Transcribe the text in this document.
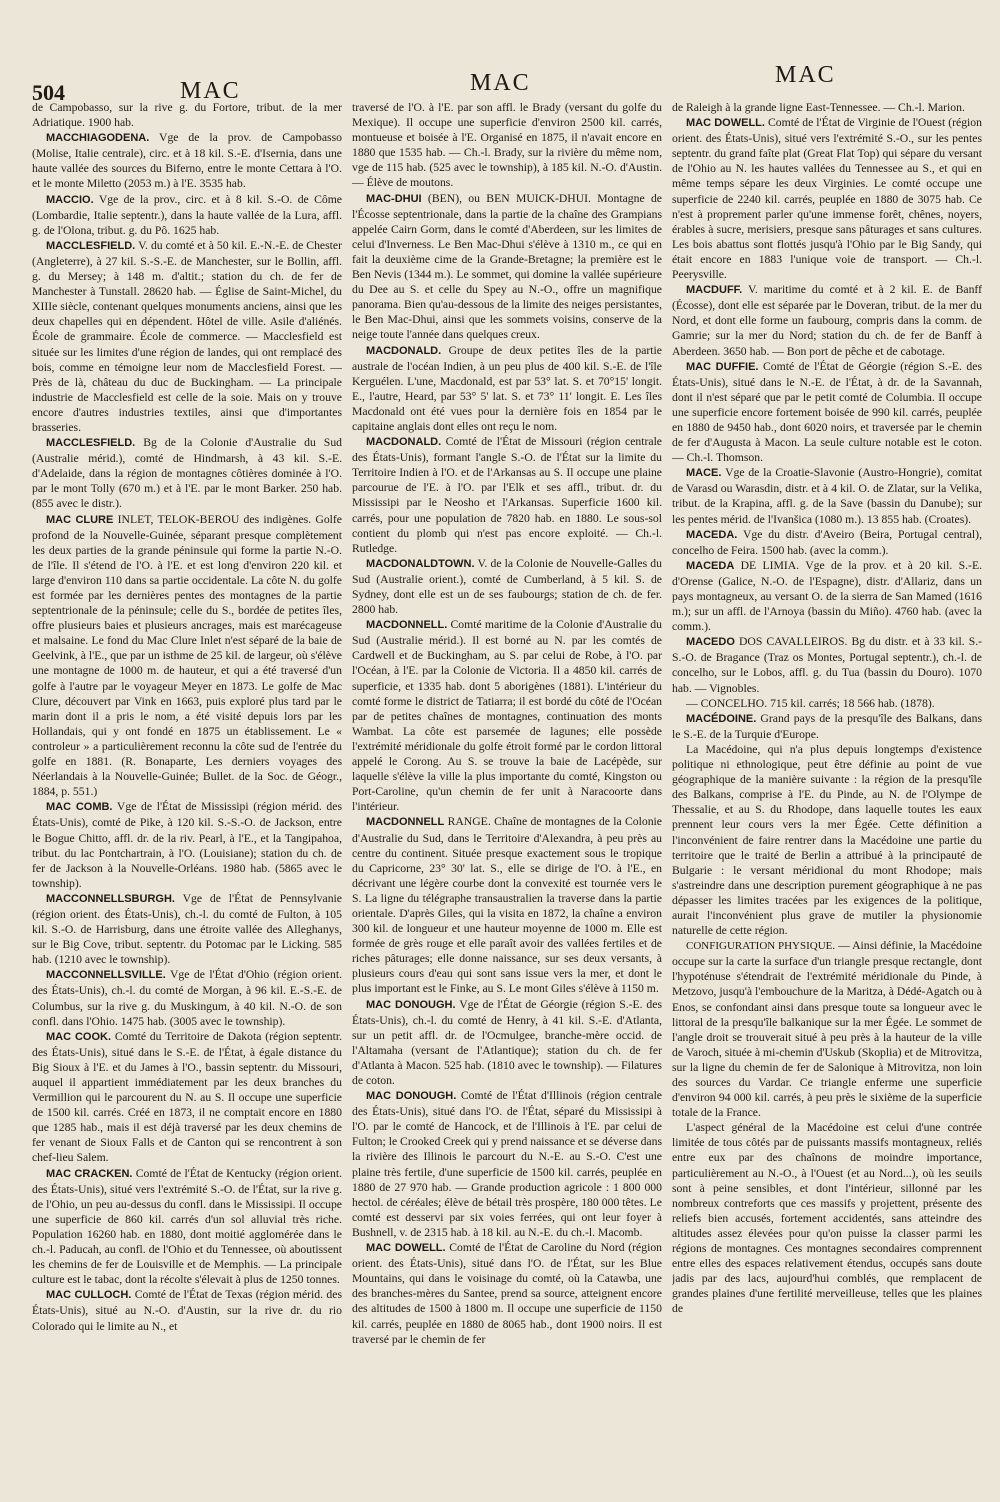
504	MAC	MAC	MAC

de Campobasso, sur la rive g. du Fortore, tribut. de la mer Adriatique. 1900 hab.

MACCHIAGODENA. Vge de la prov. de Campobasso (Molise, Italie centrale), circ. et à 18 kil. S.-E. d'Isernia, dans une haute vallée des sources du Biferno, entre le monte Cettara à l'O. et le monte Miletto (2053 m.) à l'E. 3535 hab.

MACCIO. Vge de la prov., circ. et à 8 kil. S.-O. de Côme (Lombardie, Italie septentr.), dans la haute vallée de la Lura, affl. g. de l'Olona, tribut. g. du Pô. 1625 hab.

MACCLESFIELD. V. du comté et à 50 kil. E.-N.-E. de Chester (Angleterre), à 27 kil. S.-S.-E. de Manchester, sur le Bollin, affl. g. du Mersey; à 148 m. d'altit.; station du ch. de fer de Manchester à Tunstall. 28620 hab. — Église de Saint-Michel, du XIIIe siècle, contenant quelques monuments anciens, ainsi que les deux chapelles qui en dépendent. Hôtel de ville. Asile d'aliénés. École de grammaire. École de commerce. — Macclesfield est située sur les limites d'une région de landes, qui ont remplacé des bois, comme en témoigne leur nom de Macclesfield Forest. — Près de là, château du duc de Buckingham. — La principale industrie de Macclesfield est celle de la soie. Mais on y trouve encore d'autres industries textiles, ainsi que d'importantes brasseries.

MACCLESFIELD. Bg de la Colonie d'Australie du Sud (Australie mérid.), comté de Hindmarsh, à 43 kil. S.-E. d'Adelaide, dans la région de montagnes côtières dominée à l'O. par le mont Tolly (670 m.) et à l'E. par le mont Barker. 250 hab. (855 avec le distr.).

MAC CLURE INLET, TELOK-BEROU des indigènes. Golfe profond de la Nouvelle-Guinée, séparant presque complètement les deux parties de la grande péninsule qui forme la partie N.-O. de l'île. Il s'étend de l'O. à l'E. et est long d'environ 220 kil. et large d'environ 110 dans sa partie occidentale. La côte N. du golfe est formée par les dernières pentes des montagnes de la partie septentrionale de la péninsule; celle du S., bordée de petites îles, offre plusieurs baies et plusieurs ancrages, mais est marécageuse et malsaine. Le fond du Mac Clure Inlet n'est séparé de la baie de Geelvink, à l'E., que par un isthme de 25 kil. de largeur, où s'élève une montagne de 1000 m. de hauteur, et qui a été traversé d'un golfe à l'autre par le voyageur Meyer en 1873. Le golfe de Mac Clure, découvert par Vink en 1663, puis exploré plus tard par le marin dont il a pris le nom, a été visité depuis lors par les Hollandais, qui y ont fondé en 1875 un établissement. Le « controleur » a particulièrement reconnu la côte sud de l'entrée du golfe en 1881. (R. Bonaparte, Les derniers voyages des Néerlandais à la Nouvelle-Guinée; Bullet. de la Soc. de Géogr., 1884, p. 551.)

MAC COMB. Vge de l'État de Mississipi (région mérid. des États-Unis), comté de Pike, à 120 kil. S.-S.-O. de Jackson, entre le Bogue Chitto, affl. dr. de la riv. Pearl, à l'E., et la Tangipahoa, tribut. du lac Pontchartrain, à l'O. (Louisiane); station du ch. de fer de Jackson à la Nouvelle-Orléans. 1980 hab. (5865 avec le township).

MACCONNELLSBURGH. Vge de l'État de Pennsylvanie (région orient. des États-Unis), ch.-l. du comté de Fulton, à 105 kil. S.-O. de Harrisburg, dans une étroite vallée des Alleghanys, sur le Big Cove, tribut. septentr. du Potomac par le Licking. 585 hab. (1210 avec le township).

MACCONNELLSVILLE. Vge de l'État d'Ohio (région orient. des États-Unis), ch.-l. du comté de Morgan, à 96 kil. E.-S.-E. de Columbus, sur la rive g. du Muskingum, à 40 kil. N.-O. de son confl. dans l'Ohio. 1475 hab. (3005 avec le township).

MAC COOK. Comté du Territoire de Dakota (région septentr. des États-Unis), situé dans le S.-E. de l'État, à égale distance du Big Sioux à l'E. et du James à l'O., bassin septentr. du Missouri, auquel il appartient immédiatement par les deux branches du Vermillion qui le parcourent du N. au S. Il occupe une superficie de 1500 kil. carrés. Créé en 1873, il ne comptait encore en 1880 que 1285 hab., mais il est déjà traversé par les deux chemins de fer venant de Sioux Falls et de Canton qui se rencontrent à son chef-lieu Salem.

MAC CRACKEN. Comté de l'État de Kentucky (région orient. des États-Unis), situé vers l'extrémité S.-O. de l'État, sur la rive g. de l'Ohio, un peu au-dessus du confl. dans le Mississipi. Il occupe une superficie de 860 kil. carrés d'un sol alluvial très riche. Population 16260 hab. en 1880, dont moitié agglomérée dans le ch.-l. Paducah, au confl. de l'Ohio et du Tennessee, où aboutissent les chemins de fer de Louisville et de Memphis. — La principale culture est le tabac, dont la récolte s'élevait à plus de 1250 tonnes.

MAC CULLOCH. Comté de l'État de Texas (région mérid. des États-Unis), situé au N.-O. d'Austin, sur la rive dr. du rio Colorado qui le limite au N., et

traversé de l'O. à l'E. par son affl. le Brady (versant du golfe du Mexique). Il occupe une superficie d'environ 2500 kil. carrés, montueuse et boisée à l'E. Organisé en 1875, il n'avait encore en 1880 que 1535 hab. — Ch.-l. Brady, sur la rivière du même nom, vge de 115 hab. (525 avec le township), à 185 kil. N.-O. d'Austin. — Élève de moutons.

MAC-DHUI (BEN), ou BEN MUICK-DHUI. Montagne de l'Écosse septentrionale, dans la partie de la chaîne des Grampians appelée Cairn Gorm, dans le comté d'Aberdeen, sur les limites de celui d'Inverness. Le Ben Mac-Dhui s'élève à 1310 m., ce qui en fait la deuxième cime de la Grande-Bretagne; la première est le Ben Nevis (1344 m.). Le sommet, qui domine la vallée supérieure du Dee au S. et celle du Spey au N.-O., offre un magnifique panorama. Bien qu'au-dessous de la limite des neiges persistantes, le Ben Mac-Dhui, ainsi que les sommets voisins, conserve de la neige toute l'année dans quelques creux.

MACDONALD. Groupe de deux petites îles de la partie australe de l'océan Indien, à un peu plus de 400 kil. S.-E. de l'île Kerguélen. L'une, Macdonald, est par 53° lat. S. et 70°15' longit. E., l'autre, Heard, par 53° 5' lat. S. et 73° 11' longit. E. Les îles Macdonald ont été vues pour la dernière fois en 1854 par le capitaine anglais dont elles ont reçu le nom.

MACDONALD. Comté de l'État de Missouri (région centrale des États-Unis), formant l'angle S.-O. de l'État sur la limite du Territoire Indien à l'O. et de l'Arkansas au S. Il occupe une plaine parcourue de l'E. à l'O. par l'Elk et ses affl., tribut. dr. du Mississipi par le Neosho et l'Arkansas. Superficie 1600 kil. carrés, pour une population de 7820 hab. en 1880. Le sous-sol contient du plomb qui n'est pas encore exploité. — Ch.-l. Rutledge.

MACDONALDTOWN. V. de la Colonie de Nouvelle-Galles du Sud (Australie orient.), comté de Cumberland, à 5 kil. S. de Sydney, dont elle est un de ses faubourgs; station de ch. de fer. 2800 hab.

MACDONNELL. Comté maritime de la Colonie d'Australie du Sud (Australie mérid.). Il est borné au N. par les comtés de Cardwell et de Buckingham, au S. par celui de Robe, à l'O. par l'Océan, à l'E. par la Colonie de Victoria. Il a 4850 kil. carrés de superficie, et 1335 hab. dont 5 aborigènes (1881). L'intérieur du comté forme le district de Tatiarra; il est bordé du côté de l'Océan par de petites chaînes de montagnes, continuation des monts Wambat. La côte est parsemée de lagunes; elle possède l'extrémité méridionale du golfe étroit formé par le cordon littoral appelé le Corong. Au S. se trouve la baie de Lacépède, sur laquelle s'élève la ville la plus importante du comté, Kingston ou Port-Caroline, qu'un chemin de fer unit à Naracoorte dans l'intérieur.

MACDONNELL RANGE. Chaîne de montagnes de la Colonie d'Australie du Sud, dans le Territoire d'Alexandra, à peu près au centre du continent. Située presque exactement sous le tropique du Capricorne, 23° 30' lat. S., elle se dirige de l'O. à l'E., en décrivant une légère courbe dont la convexité est tournée vers le S. La ligne du télégraphe transaustralien la traverse dans la partie orientale. D'après Giles, qui la visita en 1872, la chaîne a environ 300 kil. de longueur et une hauteur moyenne de 1000 m. Elle est formée de grès rouge et elle paraît avoir des vallées fertiles et de riches pâturages; elle donne naissance, sur ses deux versants, à plusieurs cours d'eau qui sont sans issue vers la mer, et dont le plus important est le Finke, au S. Le mont Giles s'élève à 1150 m.

MAC DONOUGH. Vge de l'État de Géorgie (région S.-E. des États-Unis), ch.-l. du comté de Henry, à 41 kil. S.-E. d'Atlanta, sur un petit affl. dr. de l'Ocmulgee, branche-mère occid. de l'Altamaha (versant de l'Atlantique); station du ch. de fer d'Atlanta à Macon. 525 hab. (1810 avec le township). — Filatures de coton.

MAC DONOUGH. Comté de l'État d'Illinois (région centrale des États-Unis), situé dans l'O. de l'État, séparé du Mississipi à l'O. par le comté de Hancock, et de l'Illinois à l'E. par celui de Fulton; le Crooked Creek qui y prend naissance et se déverse dans la rivière des Illinois le parcourt du N.-E. au S.-O. C'est une plaine très fertile, d'une superficie de 1500 kil. carrés, peuplée en 1880 de 27 970 hab. — Grande production agricole : 1 800 000 hectol. de céréales; élève de bétail très prospère, 180 000 têtes. Le comté est desservi par six voies ferrées, qui ont leur foyer à Bushnell, v. de 2315 hab. à 18 kil. au N.-E. du ch.-l. Macomb.

MAC DOWELL. Comté de l'État de Caroline du Nord (région orient. des États-Unis), situé dans l'O. de l'État, sur les Blue Mountains, qui dans le voisinage du comté, où la Catawba, une des branches-mères du Santee, prend sa source, atteignent encore des altitudes de 1500 à 1800 m. Il occupe une superficie de 1150 kil. carrés, peuplée en 1880 de 8065 hab., dont 1900 noirs. Il est traversé par le chemin de fer

de Raleigh à la grande ligne East-Tennessee. — Ch.-l. Marion.

MAC DOWELL. Comté de l'État de Virginie de l'Ouest (région orient. des États-Unis), situé vers l'extrémité S.-O., sur les pentes septentr. du grand faîte plat (Great Flat Top) qui sépare du versant de l'Ohio au N. les hautes vallées du Tennessee au S., et qui en même temps sépare les deux Virginies. Le comté occupe une superficie de 2240 kil. carrés, peuplée en 1880 de 3075 hab. Ce n'est à proprement parler qu'une immense forêt, chênes, noyers, érables à sucre, merisiers, presque sans pâturages et sans cultures. Les bois abattus sont flottés jusqu'à l'Ohio par le Big Sandy, qui était encore en 1883 l'unique voie de transport. — Ch.-l. Peerysville.

MACDUFF. V. maritime du comté et à 2 kil. E. de Banff (Écosse), dont elle est séparée par le Doveran, tribut. de la mer du Nord, et dont elle forme un faubourg, compris dans la comm. de Gamrie; sur la mer du Nord; station du ch. de fer de Banff à Aberdeen. 3650 hab. — Bon port de pêche et de cabotage.

MAC DUFFIE. Comté de l'État de Géorgie (région S.-E. des États-Unis), situé dans le N.-E. de l'État, à dr. de la Savannah, dont il n'est séparé que par le petit comté de Columbia. Il occupe une superficie encore fortement boisée de 990 kil. carrés, peuplée en 1880 de 9450 hab., dont 6020 noirs, et traversée par le chemin de fer d'Augusta à Macon. La seule culture notable est le coton. — Ch.-l. Thomson.

MACE. Vge de la Croatie-Slavonie (Austro-Hongrie), comitat de Varasd ou Warasdin, distr. et à 4 kil. O. de Zlatar, sur la Velika, tribut. de la Krapina, affl. g. de la Save (bassin du Danube); sur les pentes mérid. de l'Ivanšica (1080 m.). 13 855 hab. (Croates).

MACEDA. Vge du distr. d'Aveiro (Beira, Portugal central), concelho de Feira. 1500 hab. (avec la comm.).

MACEDA DE LIMIA. Vge de la prov. et à 20 kil. S.-E. d'Orense (Galice, N.-O. de l'Espagne), distr. d'Allariz, dans un pays montagneux, au versant O. de la sierra de San Mamed (1616 m.); sur un affl. de l'Arnoya (bassin du Miño). 4760 hab. (avec la comm.).

MACEDO DOS CAVALLEIROS. Bg du distr. et à 33 kil. S.-S.-O. de Bragance (Traz os Montes, Portugal septentr.), ch.-l. de concelho, sur le Lobos, affl. g. du Tua (bassin du Douro). 1070 hab. — Vignobles.

— CONCELHO. 715 kil. carrés; 18 566 hab. (1878).

MACÉDOINE. Grand pays de la presqu'île des Balkans, dans le S.-E. de la Turquie d'Europe.

La Macédoine, qui n'a plus depuis longtemps d'existence politique ni ethnologique, peut être définie au point de vue géographique de la manière suivante : la région de la presqu'île des Balkans, comprise à l'E. du Pinde, au N. de l'Olympe de Thessalie, et au S. du Rhodope, dans laquelle toutes les eaux prennent leur cours vers la mer Égée. Cette définition a l'inconvénient de faire rentrer dans la Macédoine une partie du territoire que le traité de Berlin a attribué à la principauté de Bulgarie : le versant méridional du mont Rhodope; mais s'astreindre dans une description purement géographique à ne pas dépasser les limites tracées par les exigences de la politique, aurait l'inconvénient plus grave de mutiler la physionomie naturelle de cette région.

CONFIGURATION PHYSIQUE. — Ainsi définie, la Macédoine occupe sur la carte la surface d'un triangle presque rectangle, dont l'hypoténuse s'étendrait de l'extrémité méridionale du Pinde, à Metzovo, jusqu'à l'embouchure de la Maritza, à Dédé-Agatch ou à Enos, se confondant ainsi dans presque toute sa longueur avec le littoral de la presqu'île balkanique sur la mer Égée. Le sommet de l'angle droit se trouverait situé à peu près à la hauteur de la ville de Varoch, située à mi-chemin d'Uskub (Skoplia) et de Mitrovitza, sur la ligne du chemin de fer de Salonique à Mitrovitza, non loin des sources du Vardar. Ce triangle enferme une superficie d'environ 94 000 kil. carrés, à peu près le sixième de la superficie totale de la France.

L'aspect général de la Macédoine est celui d'une contrée limitée de tous côtés par de puissants massifs montagneux, reliés entre eux par des chaînons de moindre importance, particulièrement au N.-O., à l'Ouest (et au Nord...), où les seuils sont à peine sensibles, et dont l'intérieur, sillonné par les nombreux contreforts que ces massifs y projettent, présente des reliefs bien accusés, fortement accidentés, sans atteindre des altitudes assez élevées pour qu'on puisse la classer parmi les régions de montagnes. Ces montagnes secondaires comprennent entre elles des espaces relativement étendus, occupés sans doute jadis par des lacs, aujourd'hui comblés, que remplacent de grandes plaines d'une fertilité merveilleuse, telles que les plaines de
